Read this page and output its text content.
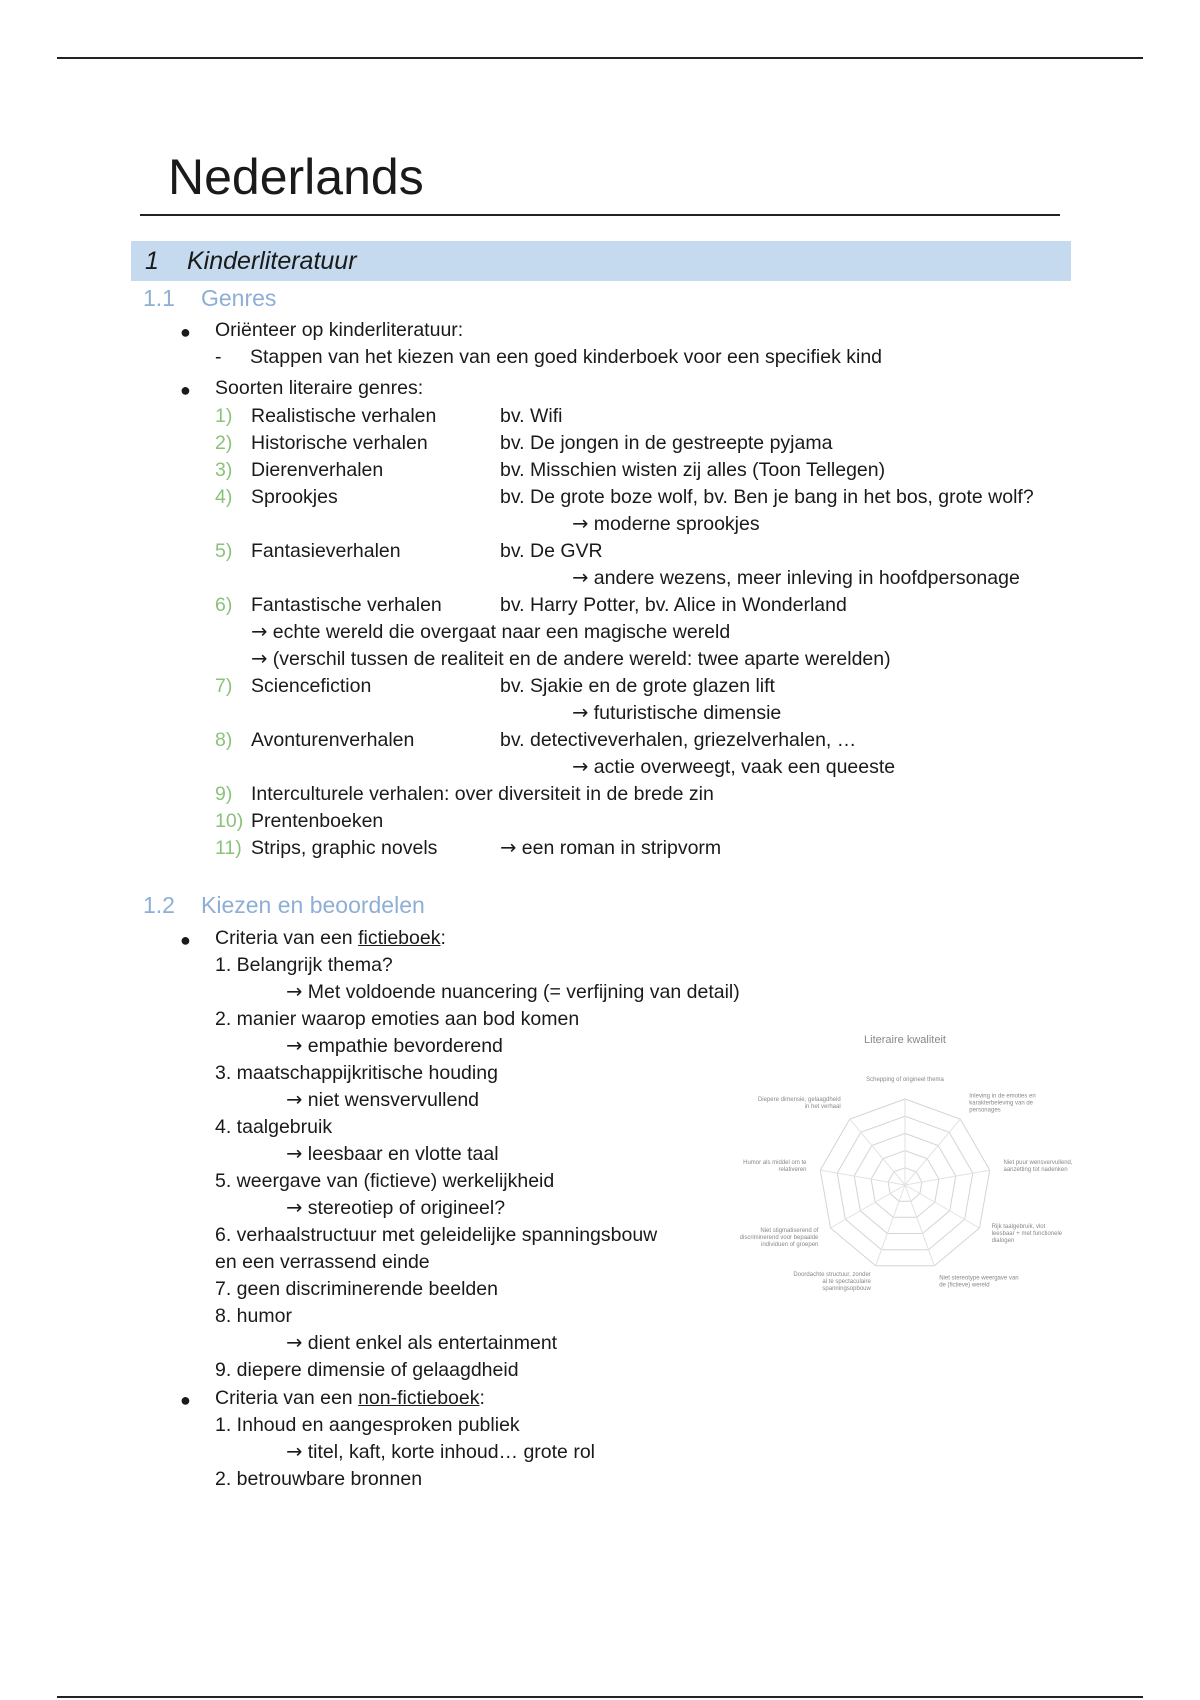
Nederlands
1 Kinderliteratuur
1.1 Genres
● Oriënteer op kinderliteratuur:
- Stappen van het kiezen van een goed kinderboek voor een specifiek kind
● Soorten literaire genres:
1) Realistische verhalen	bv. Wifi
2) Historische verhalen	bv. De jongen in de gestreepte pyjama
3) Dierenverhalen	bv. Misschien wisten zij alles (Toon Tellegen)
4) Sprookjes	bv. De grote boze wolf, bv. Ben je bang in het bos, grote wolf?
→ moderne sprookjes
5) Fantasieverhalen	bv. De GVR
→ andere wezens, meer inleving in hoofdpersonage
6) Fantastische verhalen	bv. Harry Potter, bv. Alice in Wonderland
→ echte wereld die overgaat naar een magische wereld
→ (verschil tussen de realiteit en de andere wereld: twee aparte werelden)
7) Sciencefiction	bv. Sjakie en de grote glazen lift
→ futuristische dimensie
8) Avonturenverhalen	bv. detectiveverhalen, griezelverhalen, …
→ actie overweegt, vaak een queeste
9) Interculturele verhalen: over diversiteit in de brede zin
10) Prentenboeken
11) Strips, graphic novels	→ een roman in stripvorm
1.2 Kiezen en beoordelen
● Criteria van een fictieboek:
1. Belangrijk thema?
→ Met voldoende nuancering (= verfijning van detail)
2. manier waarop emoties aan bod komen
→ empathie bevorderend
3. maatschappijkritische houding
→ niet wensvervullend
4. taalgebruik
→ leesbaar en vlotte taal
5. weergave van (fictieve) werkelijkheid
→ stereotiep of origineel?
6. verhaalstructuur met geleidelijke spanningsbouw
en een verrassend einde
7. geen discriminerende beelden
8. humor
→ dient enkel als entertainment
9. diepere dimensie of gelaagdheid
● Criteria van een non-fictieboek:
1. Inhoud en aangesproken publiek
→ titel, kaft, korte inhoud… grote rol
2. betrouwbare bronnen
Literaire kwaliteit
Schepping of origineel thema
Inleving in de emoties en karakterbeleving van de personages
Niet puur wensvervullend, aanzetting tot nadenken
Rijk taalgebruik, vlot leesbaar + met functionele dialogen
Niet stereotype weergave van de (fictieve) wereld
Doordachte structuur, zonder al te spectaculaire spanningsopbouw
Niet stigmatiserend of discriminerend voor bepaalde individuen of groepen
Humor als middel om te relativeren
Diepere dimensie, gelaagdheid in het verhaal
